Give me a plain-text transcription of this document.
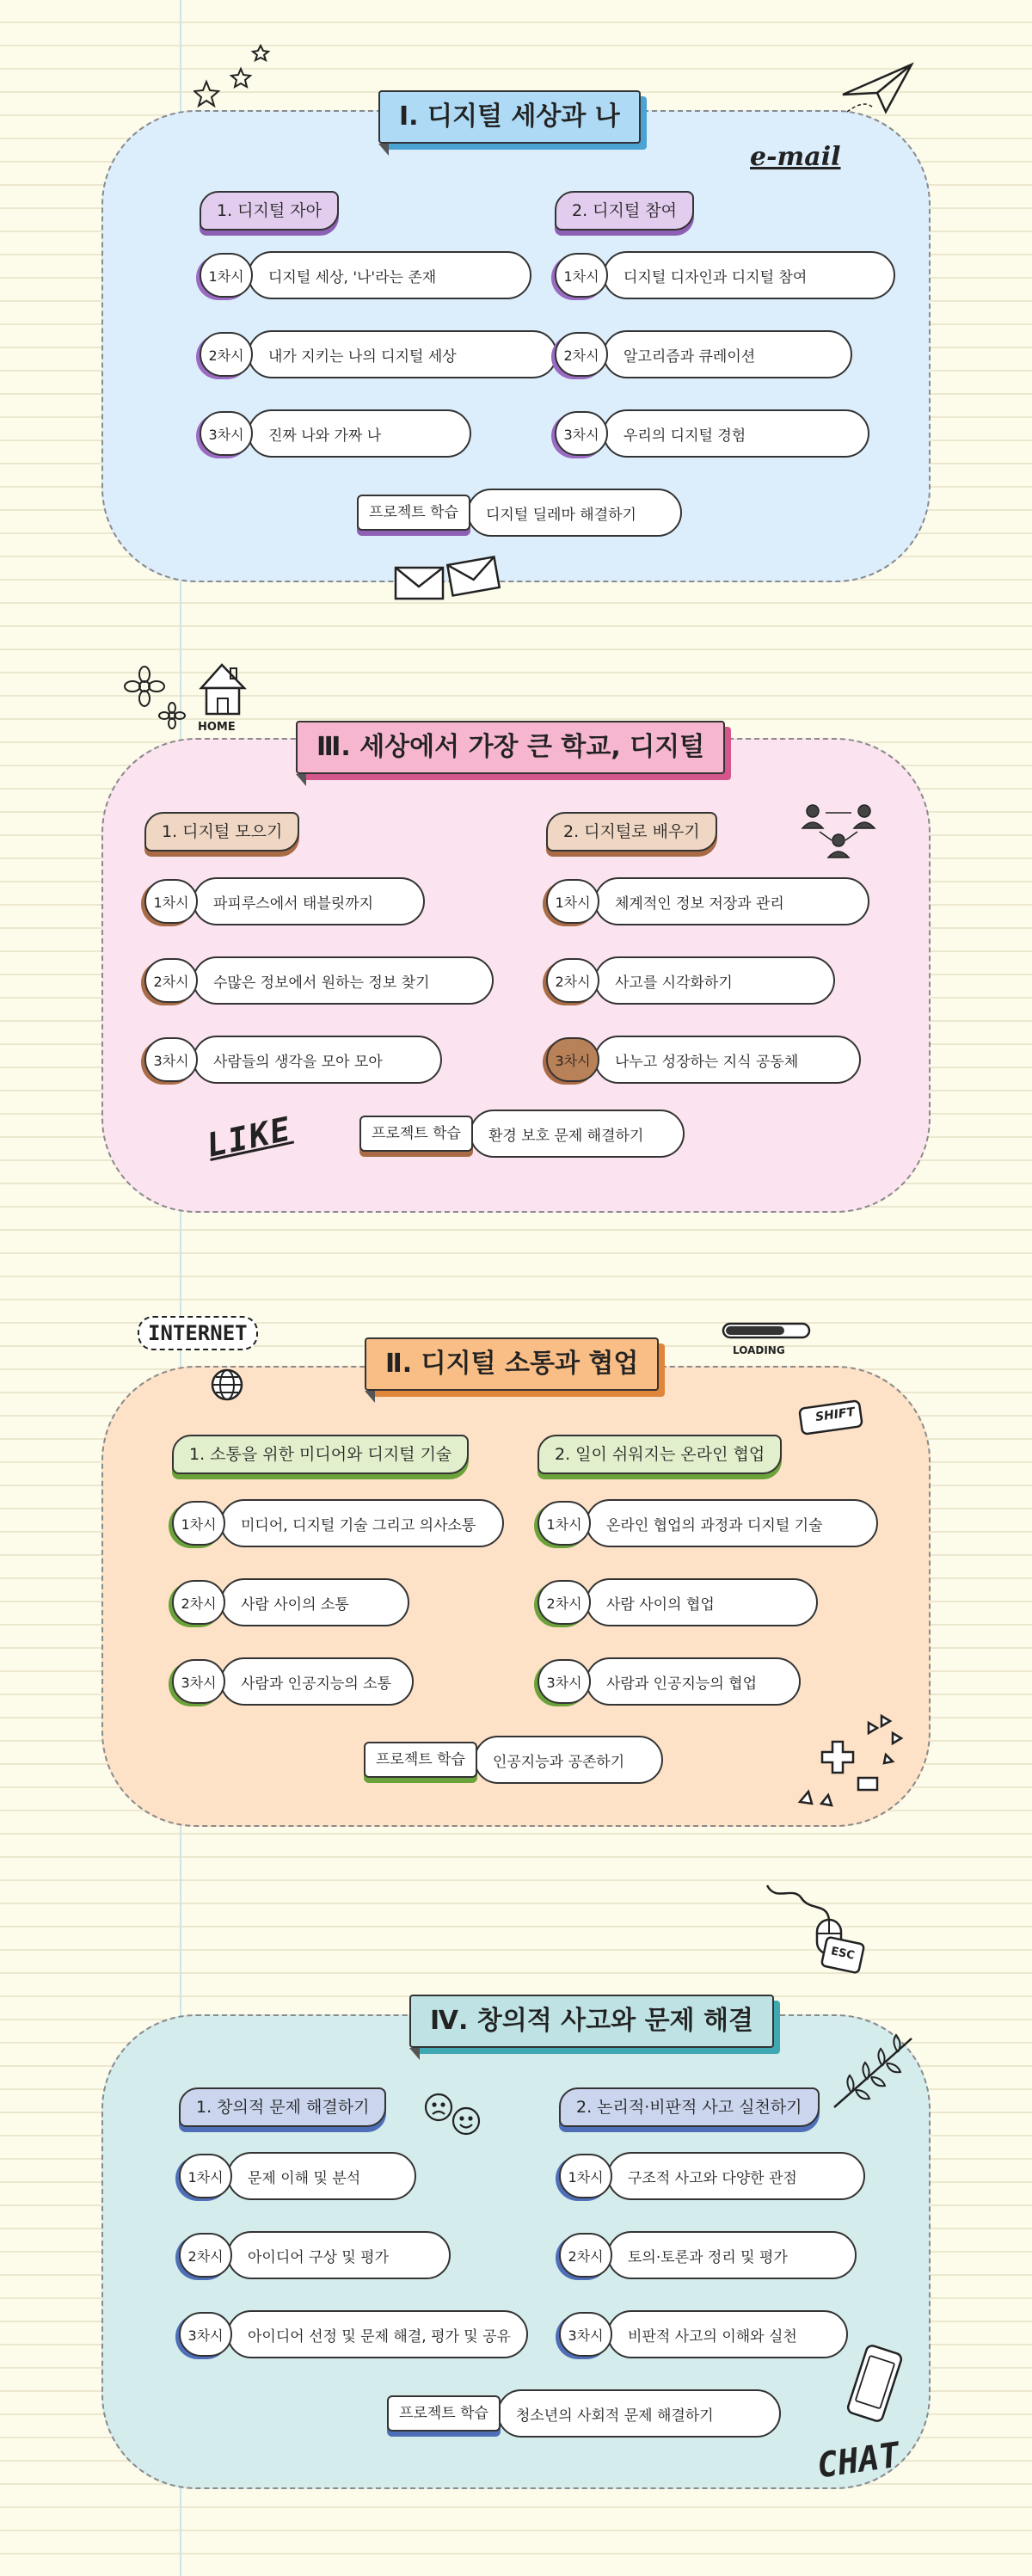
Ⅰ. 디지털 세상과 나
1. 디지털 자아	2. 디지털 참여
1차시	디지털 세상, '나'라는 존재
2차시	내가 지키는 나의 디지털 세상
3차시	진짜 나와 가짜 나
1차시	디지털 디자인과 디지털 참여
2차시	알고리즘과 큐레이션
3차시	우리의 디지털 경험
프로젝트 학습	디지털 딜레마 해결하기
e-mail
Ⅲ. 세상에서 가장 큰 학교, 디지털
1. 디지털 모으기	2. 디지털로 배우기
1차시	파피루스에서 태블릿까지
2차시	수많은 정보에서 원하는 정보 찾기
3차시	사람들의 생각을 모아 모아
1차시	체계적인 정보 저장과 관리
2차시	사고를 시각화하기
3차시	나누고 성장하는 지식 공동체
프로젝트 학습	환경 보호 문제 해결하기
HOME
LIKE
Ⅱ. 디지털 소통과 협업
1. 소통을 위한 미디어와 디지털 기술	2. 일이 쉬워지는 온라인 협업
1차시	미디어, 디지털 기술 그리고 의사소통
2차시	사람 사이의 소통
3차시	사람과 인공지능의 소통
1차시	온라인 협업의 과정과 디지털 기술
2차시	사람 사이의 협업
3차시	사람과 인공지능의 협업
프로젝트 학습	인공지능과 공존하기
INTERNET
LOADING
SHIFT
Ⅳ. 창의적 사고와 문제 해결
1. 창의적 문제 해결하기	2. 논리적·비판적 사고 실천하기
1차시	문제 이해 및 분석
2차시	아이디어 구상 및 평가
3차시	아이디어 선정 및 문제 해결, 평가 및 공유
1차시	구조적 사고와 다양한 관점
2차시	토의·토론과 정리 및 평가
3차시	비판적 사고의 이해와 실천
프로젝트 학습	청소년의 사회적 문제 해결하기
ESC
CHAT
